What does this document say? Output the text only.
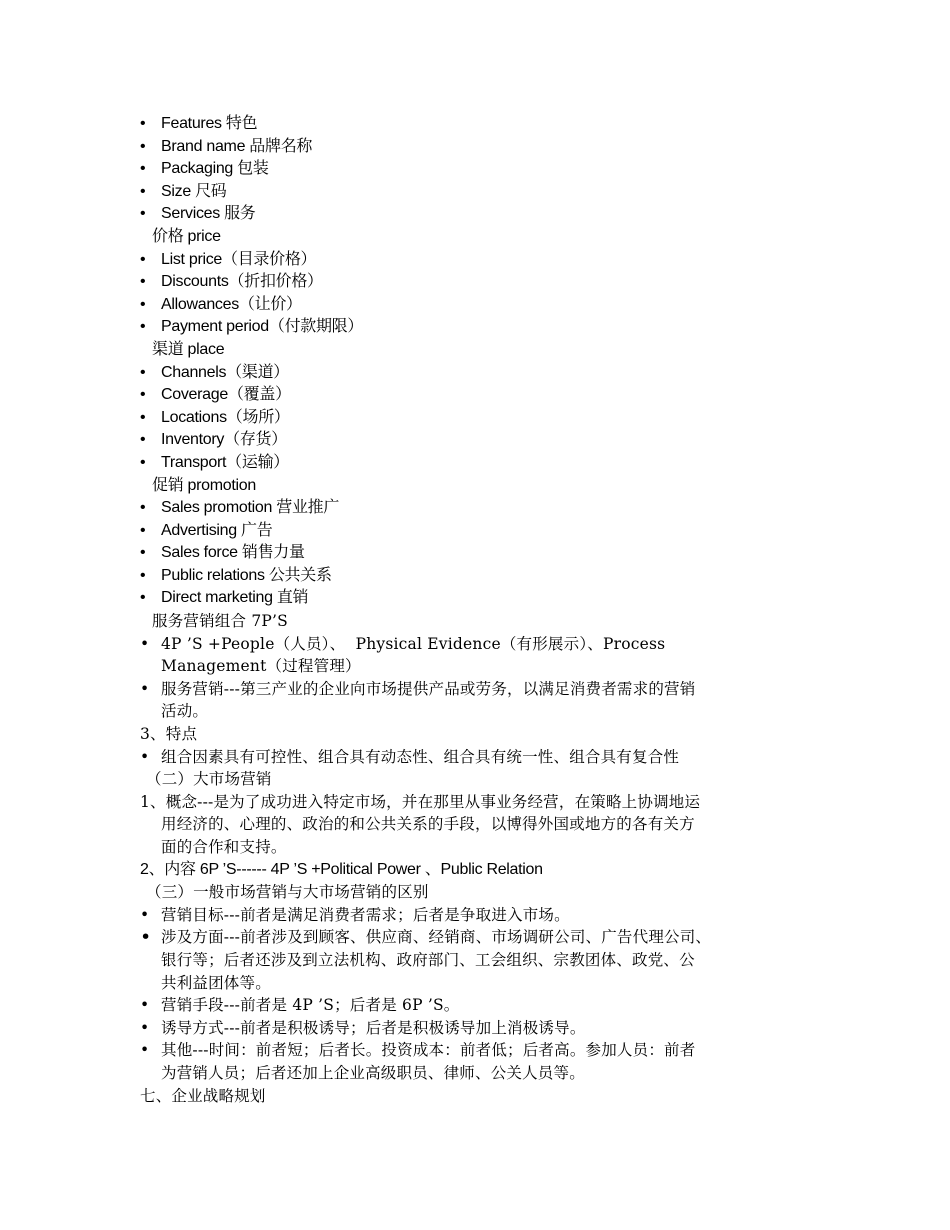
• Features 特色
• Brand name 品牌名称
• Packaging 包装
• Size 尺码
• Services 服务
价格 price
• List price（目录价格）
• Discounts（折扣价格）
• Allowances（让价）
• Payment period（付款期限）
渠道 place
• Channels（渠道）
• Coverage（覆盖）
• Locations（场所）
• Inventory（存货）
• Transport（运输）
促销 promotion
• Sales promotion 营业推广
• Advertising 广告
• Sales force 销售力量
• Public relations 公共关系
• Direct marketing 直销
服务营销组合 7P’S
• 4P ’S +People（人员）、  Physical Evidence（有形展示）、Process
Management（过程管理）
• 服务营销---第三产业的企业向市场提供产品或劳务，以满足消费者需求的营销
活动。
3、特点
• 组合因素具有可控性、组合具有动态性、组合具有统一性、组合具有复合性
（二）大市场营销
1、概念---是为了成功进入特定市场，并在那里从事业务经营，在策略上协调地运
用经济的、心理的、政治的和公共关系的手段，以博得外国或地方的各有关方
面的合作和支持。
2、内容 6P ’S------ 4P ’S +Political Power 、Public Relation
（三）一般市场营销与大市场营销的区别
• 营销目标---前者是满足消费者需求；后者是争取进入市场。
• 涉及方面---前者涉及到顾客、供应商、经销商、市场调研公司、广告代理公司、
银行等；后者还涉及到立法机构、政府部门、工会组织、宗教团体、政党、公
共利益团体等。
• 营销手段---前者是 4P ’S；后者是 6P ’S。
• 诱导方式---前者是积极诱导；后者是积极诱导加上消极诱导。
• 其他---时间：前者短；后者长。投资成本：前者低；后者高。参加人员：前者
为营销人员；后者还加上企业高级职员、律师、公关人员等。
七、企业战略规划
